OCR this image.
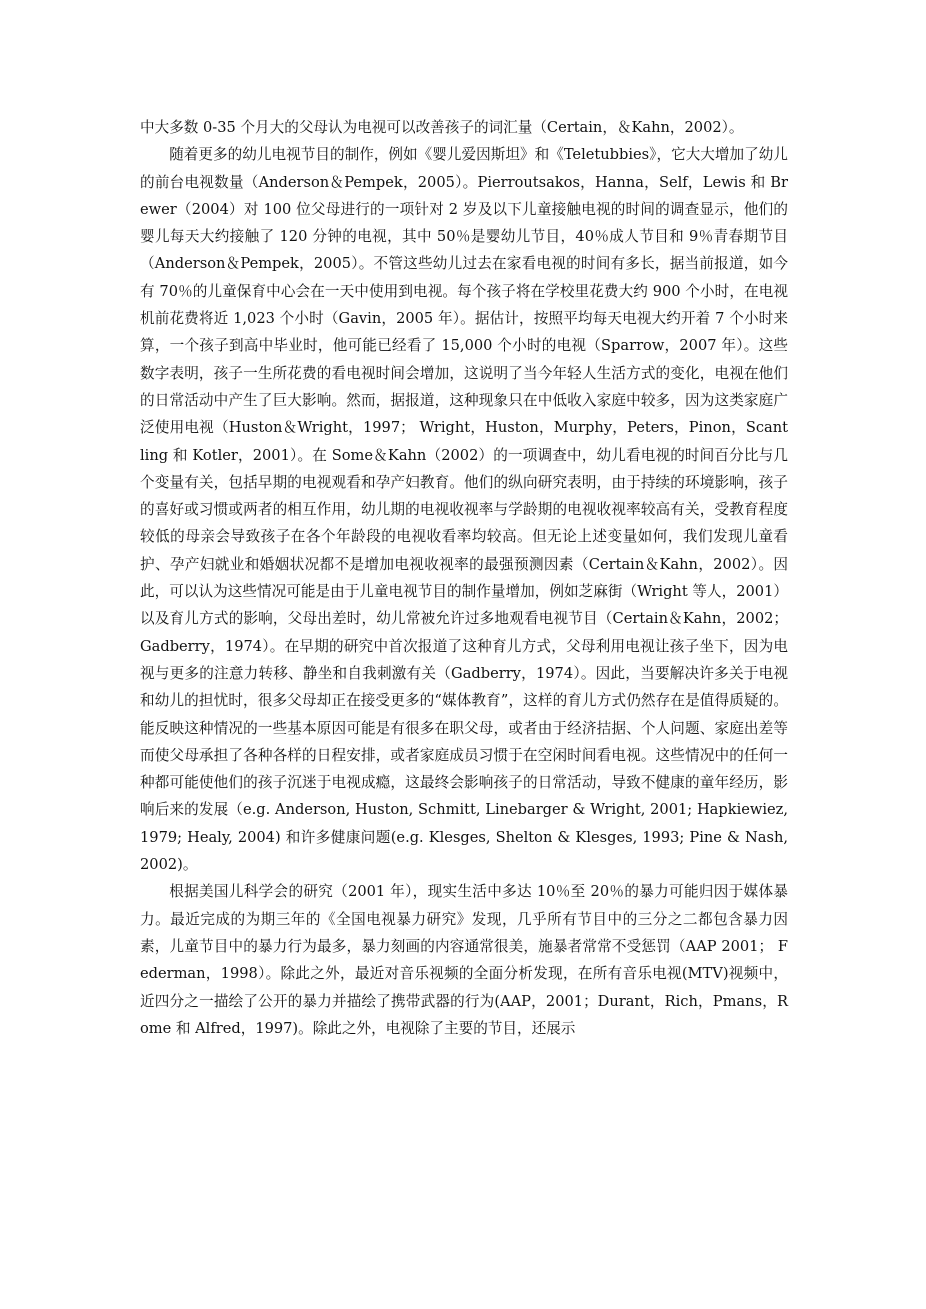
中大多数 0-35 个月大的父母认为电视可以改善孩子的词汇量（Certain，＆Kahn，2002）。

随着更多的幼儿电视节目的制作，例如《婴儿爱因斯坦》和《Teletubbies》，它大大增加了幼儿的前台电视数量（Anderson＆Pempek，2005）。Pierroutsakos，Hanna，Self，Lewis 和 Brewer（2004）对 100 位父母进行的一项针对 2 岁及以下儿童接触电视的时间的调查显示，他们的婴儿每天大约接触了 120 分钟的电视，其中 50％是婴幼儿节目，40％成人节目和 9％青春期节目（Anderson＆Pempek，2005）。不管这些幼儿过去在家看电视的时间有多长，据当前报道，如今有 70％的儿童保育中心会在一天中使用到电视。每个孩子将在学校里花费大约 900 个小时，在电视机前花费将近 1,023 个小时（Gavin，2005 年）。据估计，按照平均每天电视大约开着 7 个小时来算，一个孩子到高中毕业时，他可能已经看了 15,000 个小时的电视（Sparrow，2007 年）。这些数字表明，孩子一生所花费的看电视时间会增加，这说明了当今年轻人生活方式的变化，电视在他们的日常活动中产生了巨大影响。然而，据报道，这种现象只在中低收入家庭中较多，因为这类家庭广泛使用电视（Huston＆Wright，1997； Wright，Huston，Murphy，Peters，Pinon，Scantling 和 Kotler，2001）。在 Some＆Kahn（2002）的一项调查中，幼儿看电视的时间百分比与几个变量有关，包括早期的电视观看和孕产妇教育。他们的纵向研究表明，由于持续的环境影响，孩子的喜好或习惯或两者的相互作用，幼儿期的电视收视率与学龄期的电视收视率较高有关，受教育程度较低的母亲会导致孩子在各个年龄段的电视收看率均较高。但无论上述变量如何，我们发现儿童看护、孕产妇就业和婚姻状况都不是增加电视收视率的最强预测因素（Certain＆Kahn，2002）。因此，可以认为这些情况可能是由于儿童电视节目的制作量增加，例如芝麻街（Wright 等人，2001）以及育儿方式的影响，父母出差时，幼儿常被允许过多地观看电视节目（Certain＆Kahn，2002； Gadberry，1974）。在早期的研究中首次报道了这种育儿方式，父母利用电视让孩子坐下，因为电视与更多的注意力转移、静坐和自我刺激有关（Gadberry，1974）。因此，当要解决许多关于电视和幼儿的担忧时，很多父母却正在接受更多的“媒体教育”，这样的育儿方式仍然存在是值得质疑的。能反映这种情况的一些基本原因可能是有很多在职父母，或者由于经济拮据、个人问题、家庭出差等而使父母承担了各种各样的日程安排，或者家庭成员习惯于在空闲时间看电视。这些情况中的任何一种都可能使他们的孩子沉迷于电视成瘾，这最终会影响孩子的日常活动，导致不健康的童年经历，影响后来的发展（e.g. Anderson, Huston, Schmitt, Linebarger & Wright, 2001; Hapkiewiez, 1979; Healy, 2004) 和许多健康问题(e.g. Klesges, Shelton & Klesges, 1993; Pine & Nash, 2002)。

根据美国儿科学会的研究（2001 年），现实生活中多达 10％至 20％的暴力可能归因于媒体暴力。最近完成的为期三年的《全国电视暴力研究》发现，几乎所有节目中的三分之二都包含暴力因素，儿童节目中的暴力行为最多，暴力刻画的内容通常很美，施暴者常常不受惩罚（AAP 2001； Federman，1998）。除此之外，最近对音乐视频的全面分析发现，在所有音乐电视(MTV)视频中，近四分之一描绘了公开的暴力并描绘了携带武器的行为(AAP，2001；Durant，Rich，Pmans，Rome 和 Alfred，1997)。除此之外，电视除了主要的节目，还展示
